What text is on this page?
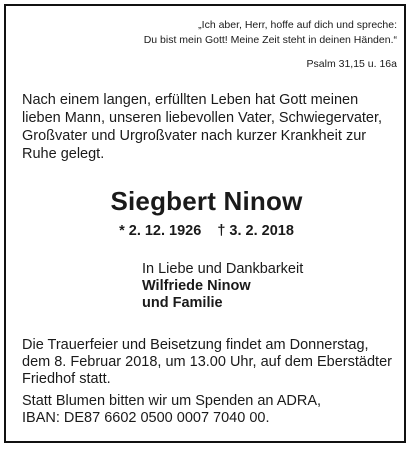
„Ich aber, Herr, hoffe auf dich und spreche:
Du bist mein Gott! Meine Zeit steht in deinen Händen.“
Psalm 31,15 u. 16a
Nach einem langen, erfüllten Leben hat Gott meinen
lieben Mann, unseren liebevollen Vater, Schwiegervater,
Großvater und Urgroßvater nach kurzer Krankheit zur
Ruhe gelegt.
Siegbert Ninow
* 2. 12. 1926 † 3. 2. 2018
In Liebe und Dankbarkeit
Wilfriede Ninow
und Familie
Die Trauerfeier und Beisetzung findet am Donnerstag,
dem 8. Februar 2018, um 13.00 Uhr, auf dem Eberstädter
Friedhof statt.
Statt Blumen bitten wir um Spenden an ADRA,
IBAN: DE87 6602 0500 0007 7040 00.
